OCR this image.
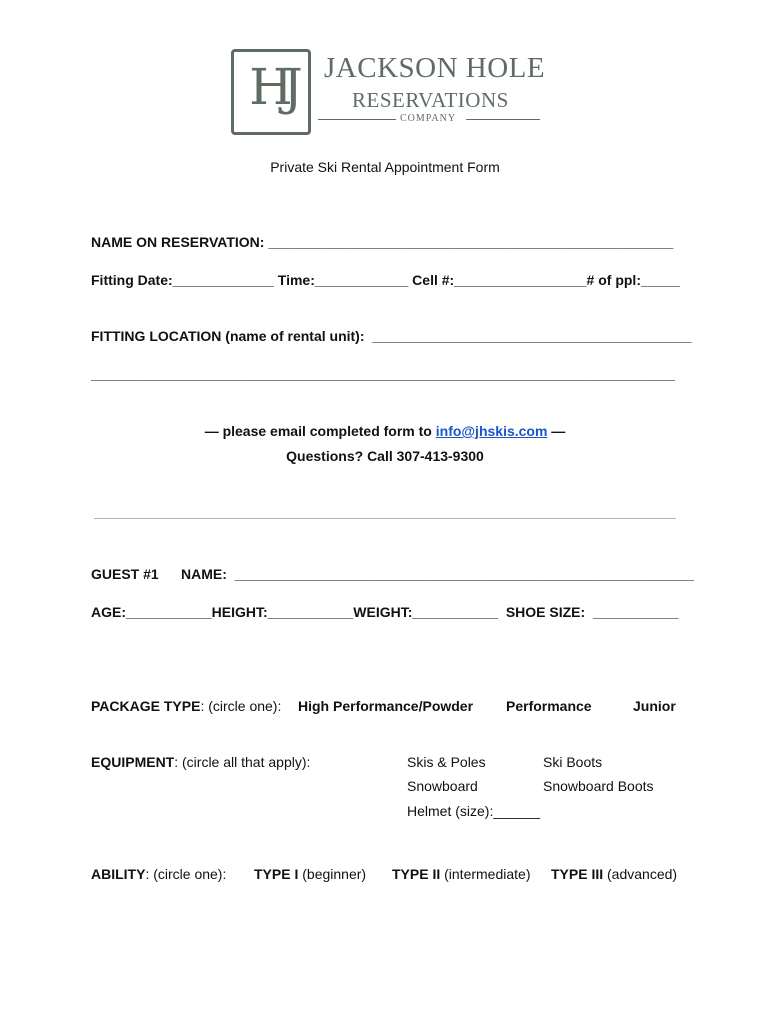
HJ	JACKSON HOLE
RESERVATIONS
COMPANY
Private Ski Rental Appointment Form
NAME ON RESERVATION: ____________________________________________________
Fitting Date:_____________ Time:____________ Cell #:_________________# of ppl:_____
FITTING LOCATION (name of rental unit):  _________________________________________
___________________________________________________________________________
— please email completed form to info@jhskis.com —
Questions? Call 307-413-9300
GUEST #1 NAME:  ___________________________________________________________
AGE:___________HEIGHT:___________WEIGHT:___________  SHOE SIZE:  ___________
PACKAGE TYPE: (circle one): High Performance/Powder Performance	Junior
EQUIPMENT: (circle all that apply):	Skis & Poles	Ski Boots
Snowboard	Snowboard Boots
Helmet (size):______
ABILITY: (circle one): TYPE I (beginner) TYPE II (intermediate) TYPE III (advanced)
